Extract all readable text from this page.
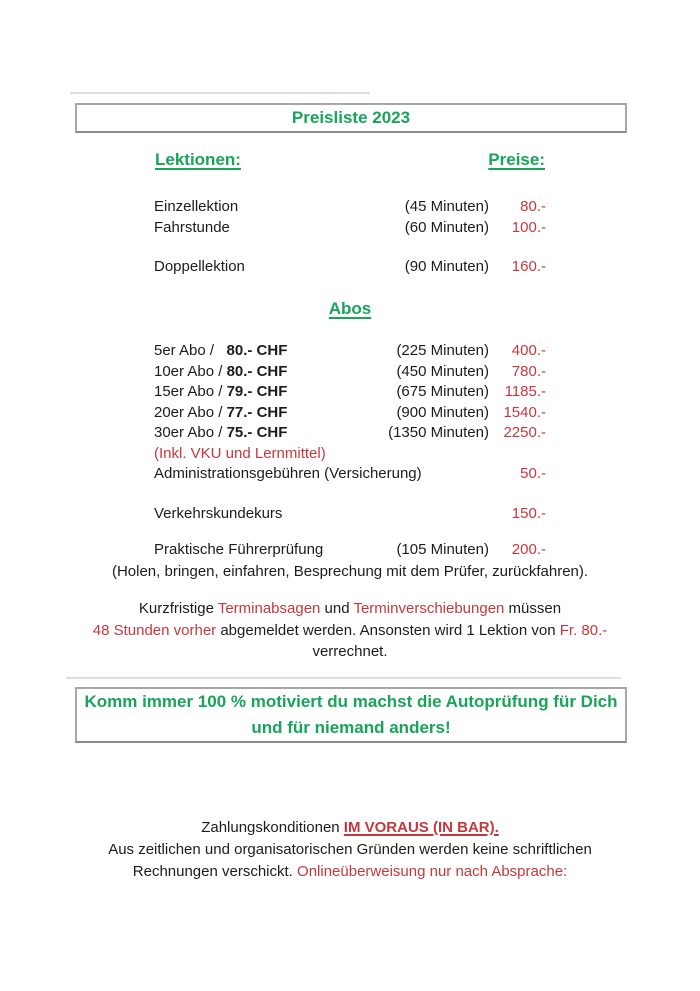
Preisliste 2023
Lektionen:	Preise:
Einzellektion	(45 Minuten)	80.-
Fahrstunde	(60 Minuten)	100.-
Doppellektion	(90 Minuten)	160.-
Abos
5er Abo /   80.- CHF	(225 Minuten)	400.-
10er Abo / 80.- CHF	(450 Minuten)	780.-
15er Abo / 79.- CHF	(675 Minuten)	1185.-
20er Abo / 77.- CHF	(900 Minuten) 1540.-
30er Abo / 75.- CHF	(1350 Minuten) 2250.-
(Inkl. VKU und Lernmittel)
Administrationsgebühren (Versicherung)	50.-
Verkehrskundekurs	150.-
Praktische Führerprüfung	(105 Minuten)	200.-
(Holen, bringen, einfahren, Besprechung mit dem Prüfer, zurückfahren).
Kurzfristige Terminabsagen und Terminverschiebungen müssen
48 Stunden vorher abgemeldet werden. Ansonsten wird 1 Lektion von Fr. 80.-
verrechnet.
Komm immer 100 % motiviert du machst die Autoprüfung für Dich
und für niemand anders!
Zahlungskonditionen IM VORAUS (IN BAR).
Aus zeitlichen und organisatorischen Gründen werden keine schriftlichen
Rechnungen verschickt. Onlineüberweisung nur nach Absprache:
